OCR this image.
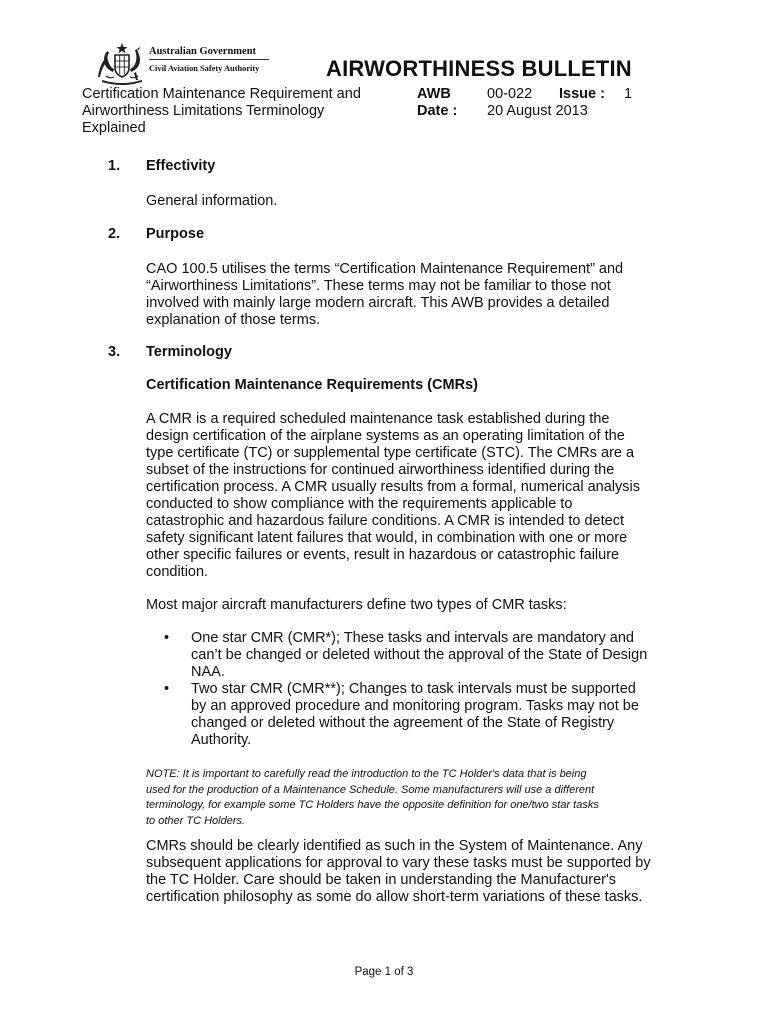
Australian Government
Civil Aviation Safety Authority	AIRWORTHINESS BULLETIN
Certification Maintenance Requirement and
Airworthiness Limitations Terminology
Explained
AWB 00-022 Issue : 1
Date : 20 August 2013
1. Effectivity
General information.
2. Purpose
CAO 100.5 utilises the terms “Certification Maintenance Requirement” and
“Airworthiness Limitations”. These terms may not be familiar to those not
involved with mainly large modern aircraft. This AWB provides a detailed
explanation of those terms.
3. Terminology
Certification Maintenance Requirements (CMRs)
A CMR is a required scheduled maintenance task established during the
design certification of the airplane systems as an operating limitation of the
type certificate (TC) or supplemental type certificate (STC). The CMRs are a
subset of the instructions for continued airworthiness identified during the
certification process. A CMR usually results from a formal, numerical analysis
conducted to show compliance with the requirements applicable to
catastrophic and hazardous failure conditions. A CMR is intended to detect
safety significant latent failures that would, in combination with one or more
other specific failures or events, result in hazardous or catastrophic failure
condition.
Most major aircraft manufacturers define two types of CMR tasks:
• One star CMR (CMR*); These tasks and intervals are mandatory and
can’t be changed or deleted without the approval of the State of Design
NAA.
• Two star CMR (CMR**); Changes to task intervals must be supported
by an approved procedure and monitoring program. Tasks may not be
changed or deleted without the agreement of the State of Registry
Authority.
NOTE: It is important to carefully read the introduction to the TC Holder's data that is being
used for the production of a Maintenance Schedule. Some manufacturers will use a different
terminology, for example some TC Holders have the opposite definition for one/two star tasks
to other TC Holders.
CMRs should be clearly identified as such in the System of Maintenance. Any
subsequent applications for approval to vary these tasks must be supported by
the TC Holder. Care should be taken in understanding the Manufacturer's
certification philosophy as some do allow short-term variations of these tasks.
Page 1 of 3
